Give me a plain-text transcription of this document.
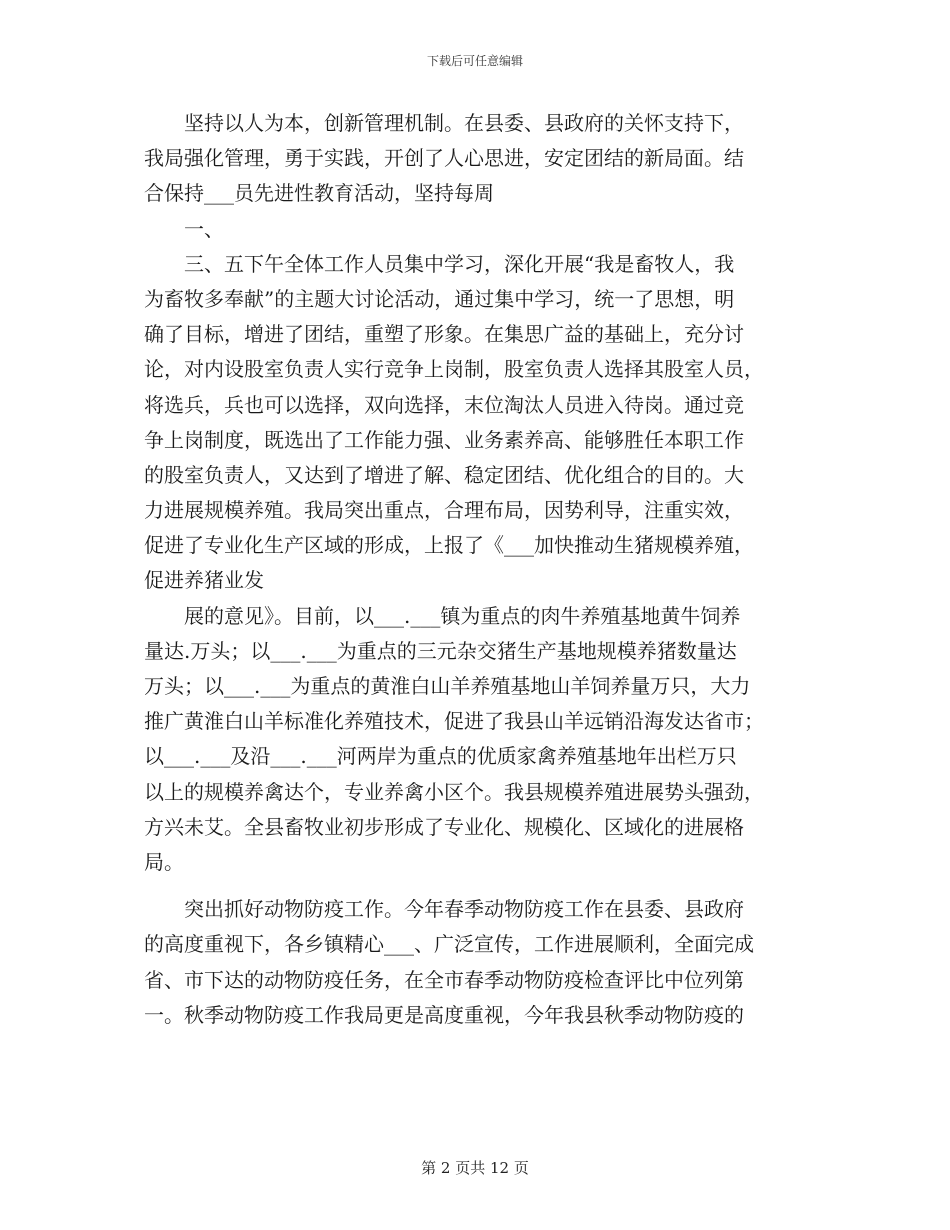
下载后可任意编辑
坚持以人为本，创新管理机制。在县委、县政府的关怀支持下，
我局强化管理，勇于实践，开创了人心思进，安定团结的新局面。结
合保持___员先进性教育活动，坚持每周
一、
三、五下午全体工作人员集中学习，深化开展“我是畜牧人，我
为畜牧多奉献”的主题大讨论活动，通过集中学习，统一了思想，明
确了目标，增进了团结，重塑了形象。在集思广益的基础上，充分讨
论，对内设股室负责人实行竞争上岗制，股室负责人选择其股室人员，
将选兵，兵也可以选择，双向选择，末位淘汰人员进入待岗。通过竞
争上岗制度，既选出了工作能力强、业务素养高、能够胜任本职工作
的股室负责人，又达到了增进了解、稳定团结、优化组合的目的。大
力进展规模养殖。我局突出重点，合理布局，因势利导，注重实效，
促进了专业化生产区域的形成，上报了《___加快推动生猪规模养殖，
促进养猪业发
展的意见》。目前，以___.___镇为重点的肉牛养殖基地黄牛饲养
量达.万头；以___.___为重点的三元杂交猪生产基地规模养猪数量达
万头；以___.___为重点的黄淮白山羊养殖基地山羊饲养量万只，大力
推广黄淮白山羊标准化养殖技术，促进了我县山羊远销沿海发达省市；
以___.___及沿___.___河两岸为重点的优质家禽养殖基地年出栏万只
以上的规模养禽达个，专业养禽小区个。我县规模养殖进展势头强劲，
方兴未艾。全县畜牧业初步形成了专业化、规模化、区域化的进展格
局。
突出抓好动物防疫工作。今年春季动物防疫工作在县委、县政府
的高度重视下，各乡镇精心___、广泛宣传，工作进展顺利，全面完成
省、市下达的动物防疫任务，在全市春季动物防疫检查评比中位列第
一。秋季动物防疫工作我局更是高度重视，今年我县秋季动物防疫的
第 2 页共 12 页
